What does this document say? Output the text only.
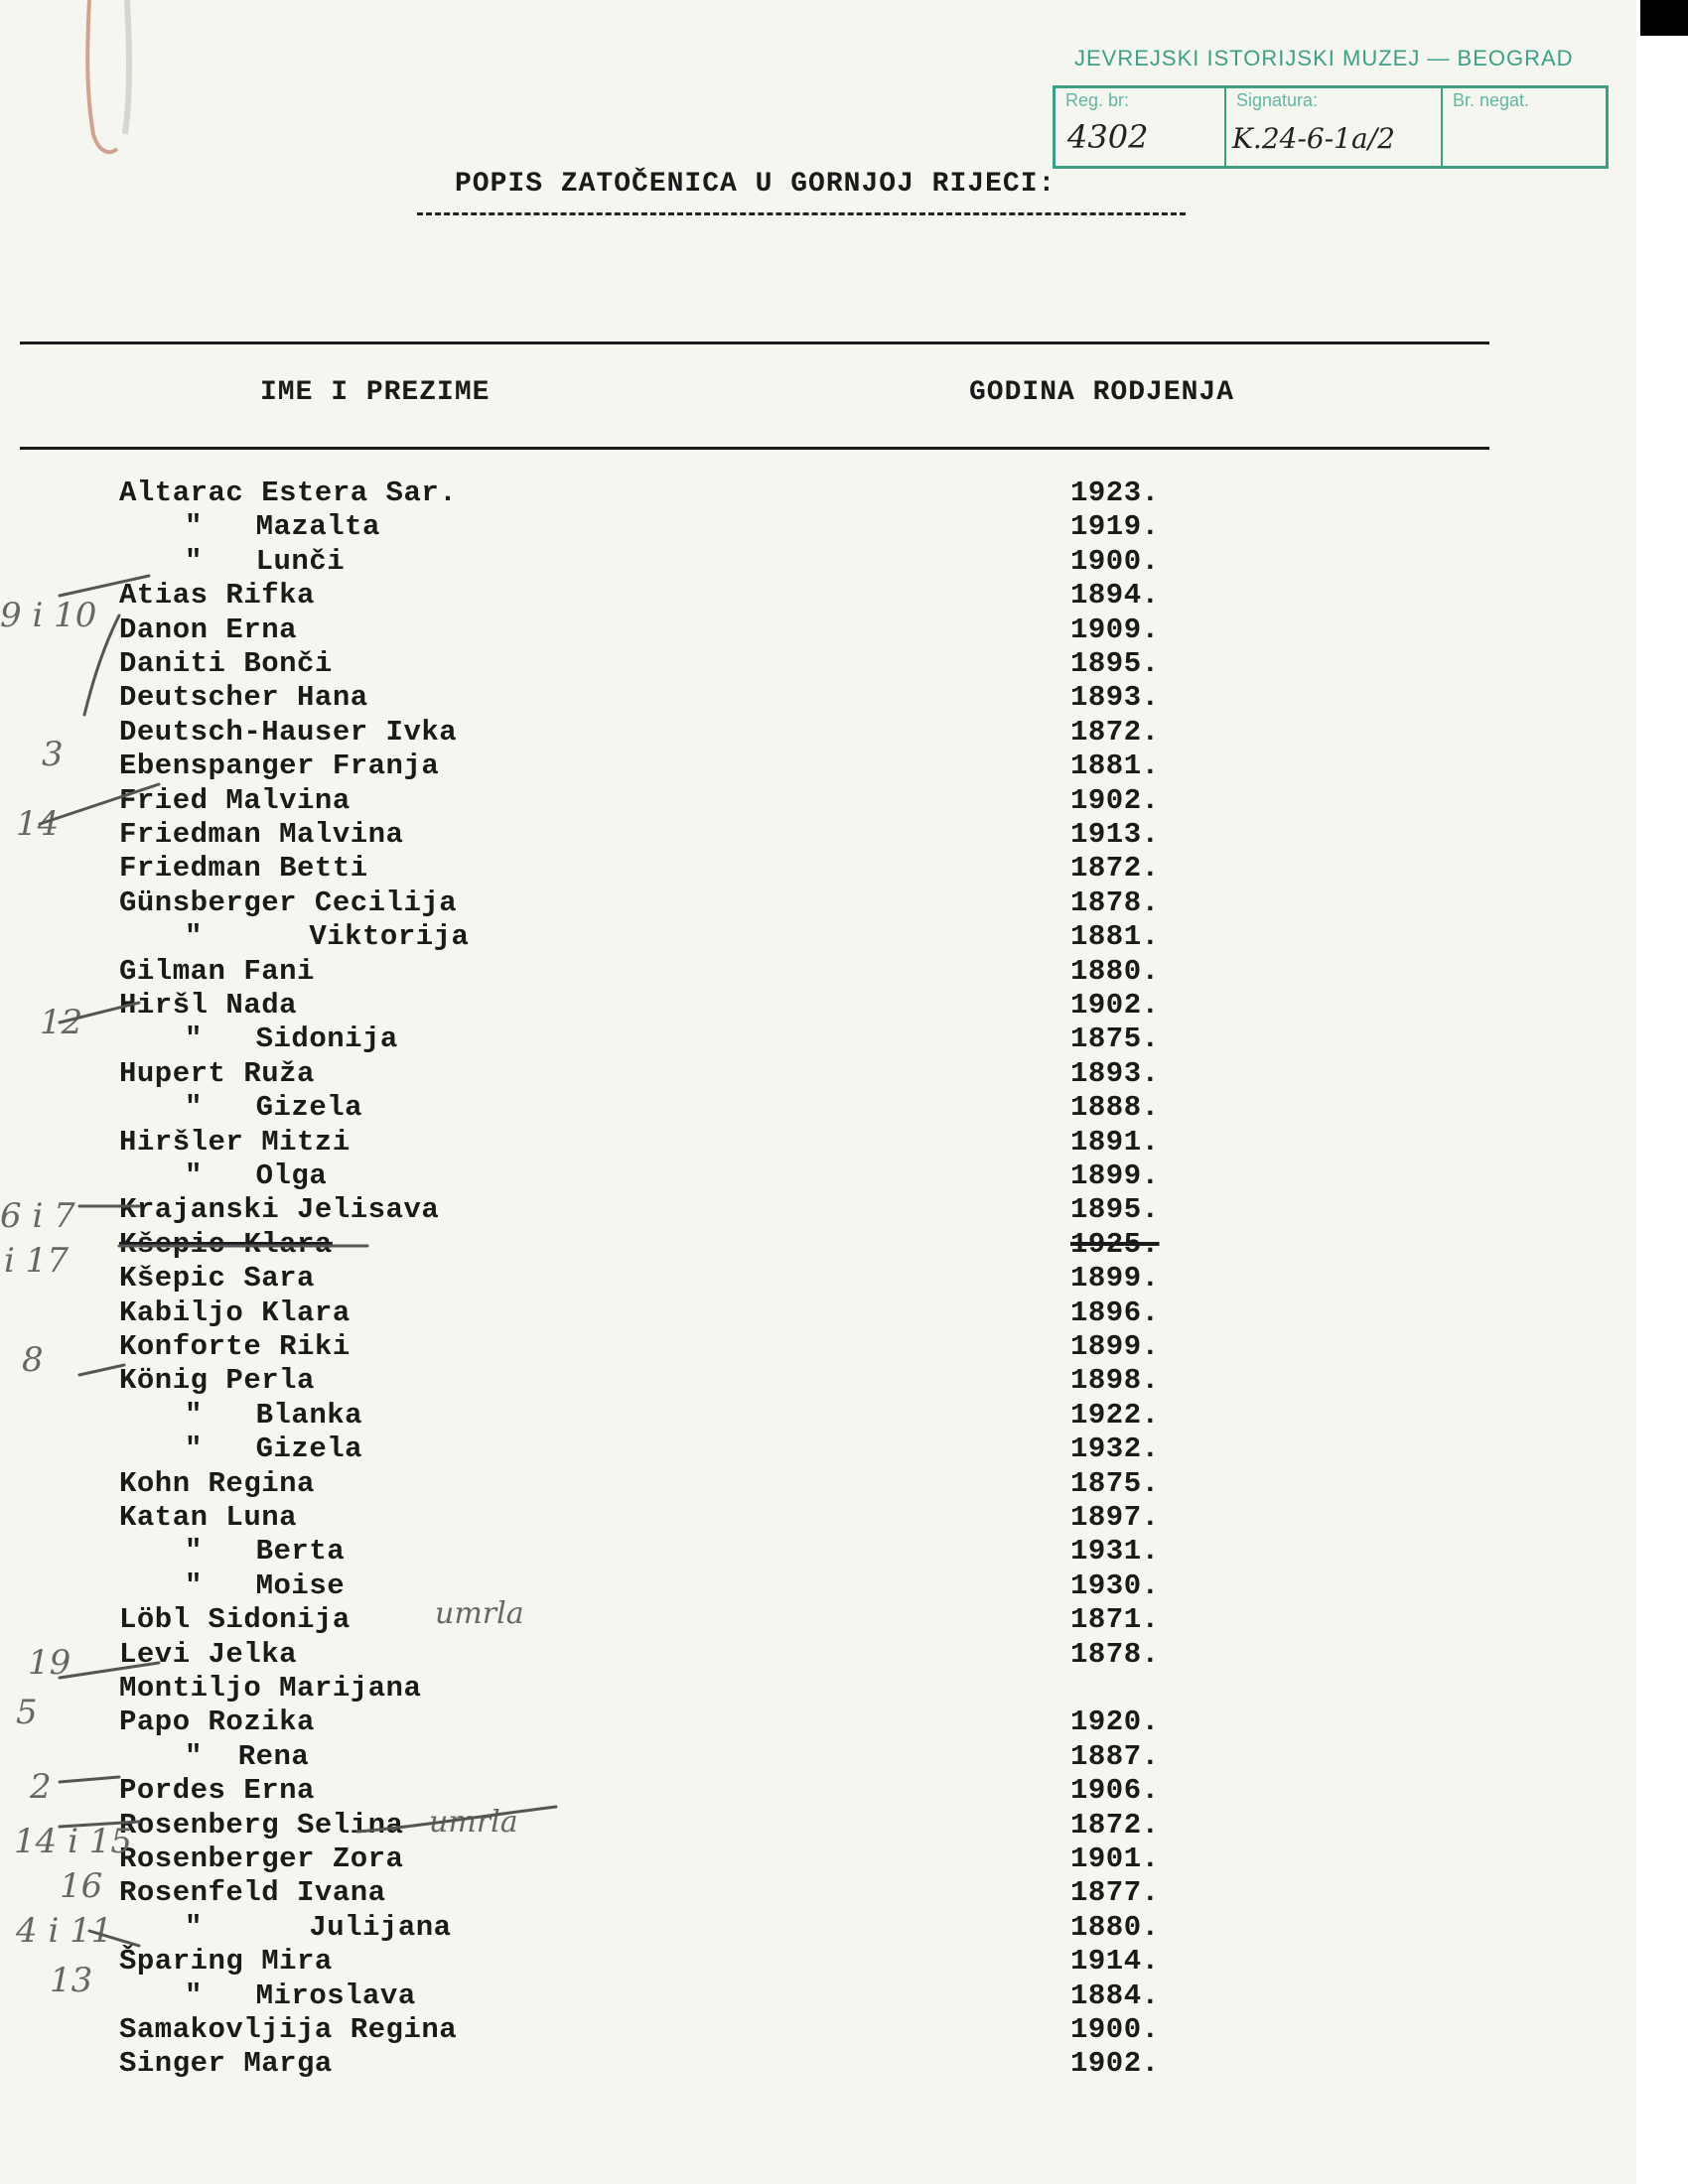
JEVREJSKI ISTORIJSKI MUZEJ — BEOGRAD
Reg. br:
4302
Signatura:
K.24-6-1a/2
Br. negat.
POPIS ZATOČENICA U GORNJOJ RIJECI:
IME I PREZIME	GODINA RODJENJA
Altarac Estera Sar.	1923.
"   Mazalta	1919.
"   Lunči	1900.
Atias Rifka	1894.
Danon Erna	1909.
Daniti Bonči	1895.
Deutscher Hana	1893.
Deutsch-Hauser Ivka	1872.
Ebenspanger Franja	1881.
Fried Malvina	1902.
Friedman Malvina	1913.
Friedman Betti	1872.
Günsberger Cecilija	1878.
"      Viktorija	1881.
Gilman Fani	1880.
Hiršl Nada	1902.
"   Sidonija	1875.
Hupert Ruža	1893.
"   Gizela	1888.
Hiršler Mitzi	1891.
"   Olga	1899.
Krajanski Jelisava	1895.
Kšepic Klara	1925.
Kšepic Sara	1899.
Kabiljo Klara	1896.
Konforte Riki	1899.
König Perla	1898.
"   Blanka	1922.
"   Gizela	1932.
Kohn Regina	1875.
Katan Luna	1897.
"   Berta	1931.
"   Moise	1930.
Löbl Sidonija	1871.
Levi Jelka	1878.
Montiljo Marijana
Papo Rozika	1920.
"  Rena	1887.
Pordes Erna	1906.
Rosenberg Selina	1872.
Rosenberger Zora	1901.
Rosenfeld Ivana	1877.
"      Julijana	1880.
Šparing Mira	1914.
"   Miroslava	1884.
Samakovljija Regina	1900.
Singer Marga	1902.
9 i 10
3
14
12
6 i 7
i 17
8
19
5
2
14 i 15
16
4 i 11
13
umrla
umrla
